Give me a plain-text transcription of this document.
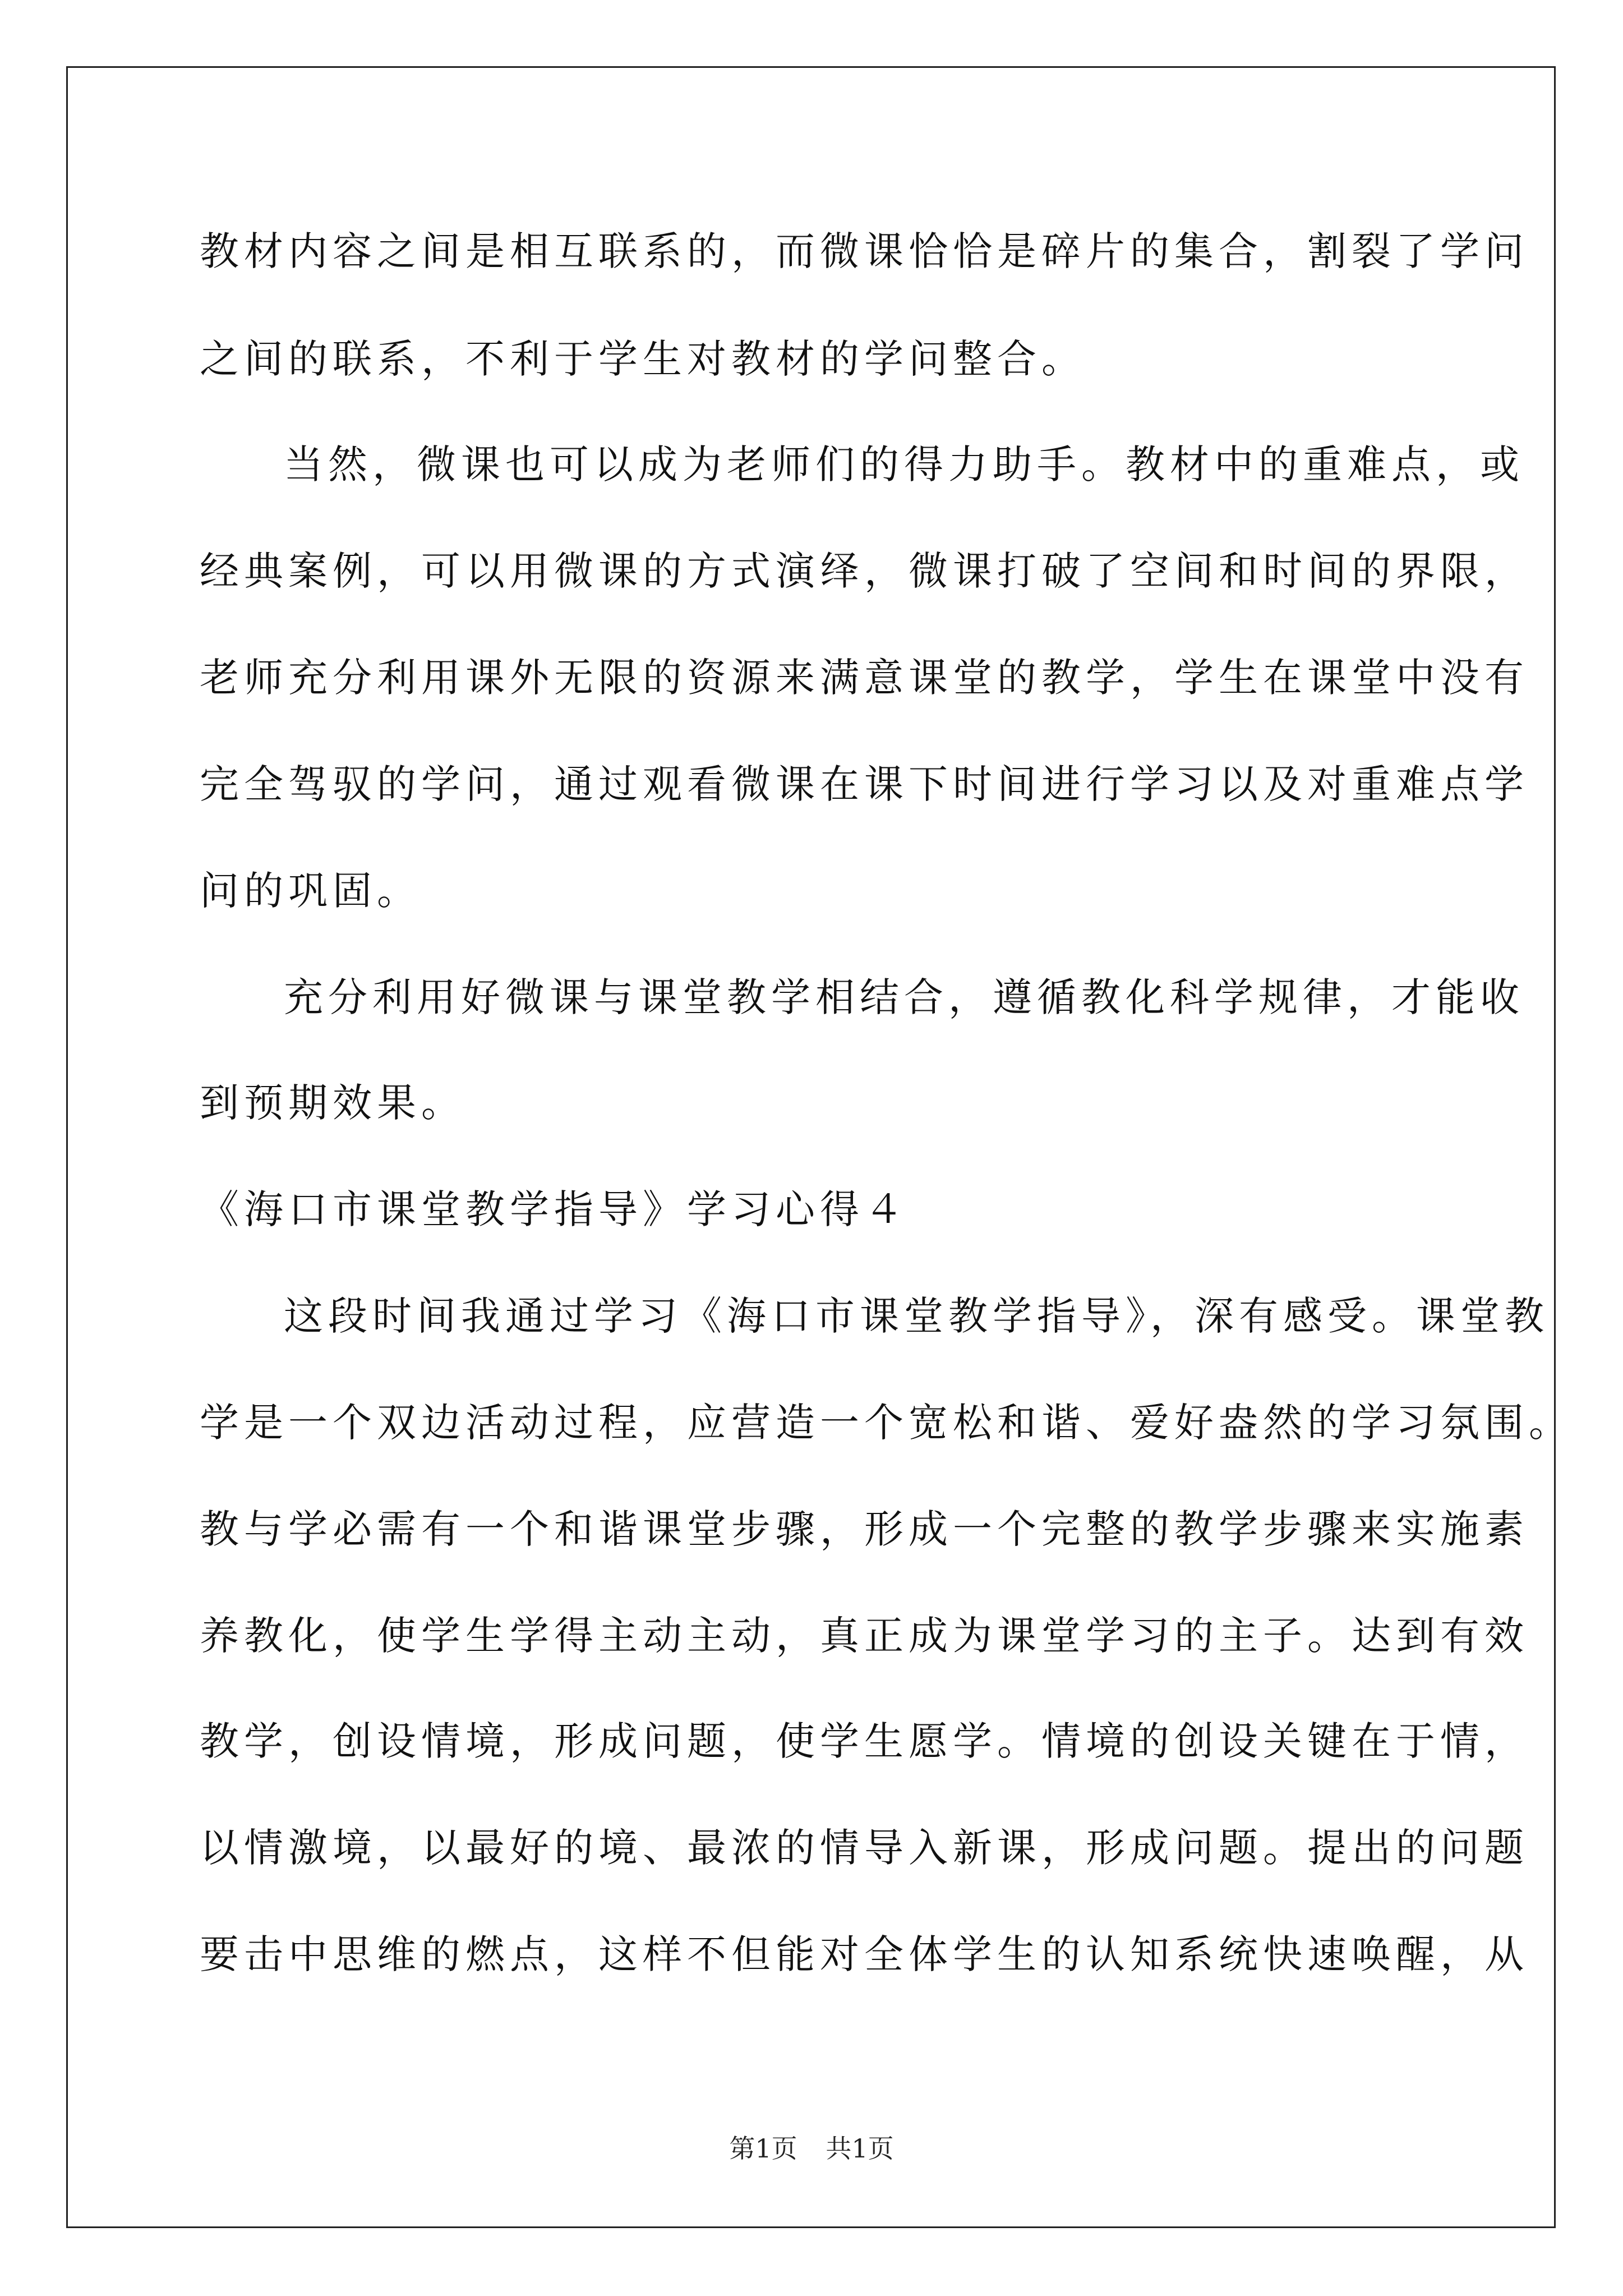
教材内容之间是相互联系的，而微课恰恰是碎片的集合，割裂了学问
之间的联系，不利于学生对教材的学问整合。
当然，微课也可以成为老师们的得力助手。教材中的重难点，或
经典案例，可以用微课的方式演绎，微课打破了空间和时间的界限，
老师充分利用课外无限的资源来满意课堂的教学，学生在课堂中没有
完全驾驭的学问，通过观看微课在课下时间进行学习以及对重难点学
问的巩固。
充分利用好微课与课堂教学相结合，遵循教化科学规律，才能收
到预期效果。
《海口市课堂教学指导》学习心得４
这段时间我通过学习《海口市课堂教学指导》，深有感受。课堂教
学是一个双边活动过程，应营造一个宽松和谐、爱好盎然的学习氛围。
教与学必需有一个和谐课堂步骤，形成一个完整的教学步骤来实施素
养教化，使学生学得主动主动，真正成为课堂学习的主子。达到有效
教学，创设情境，形成问题，使学生愿学。情境的创设关键在于情，
以情激境，以最好的境、最浓的情导入新课，形成问题。提出的问题
要击中思维的燃点，这样不但能对全体学生的认知系统快速唤醒，从
第1页 共1页
